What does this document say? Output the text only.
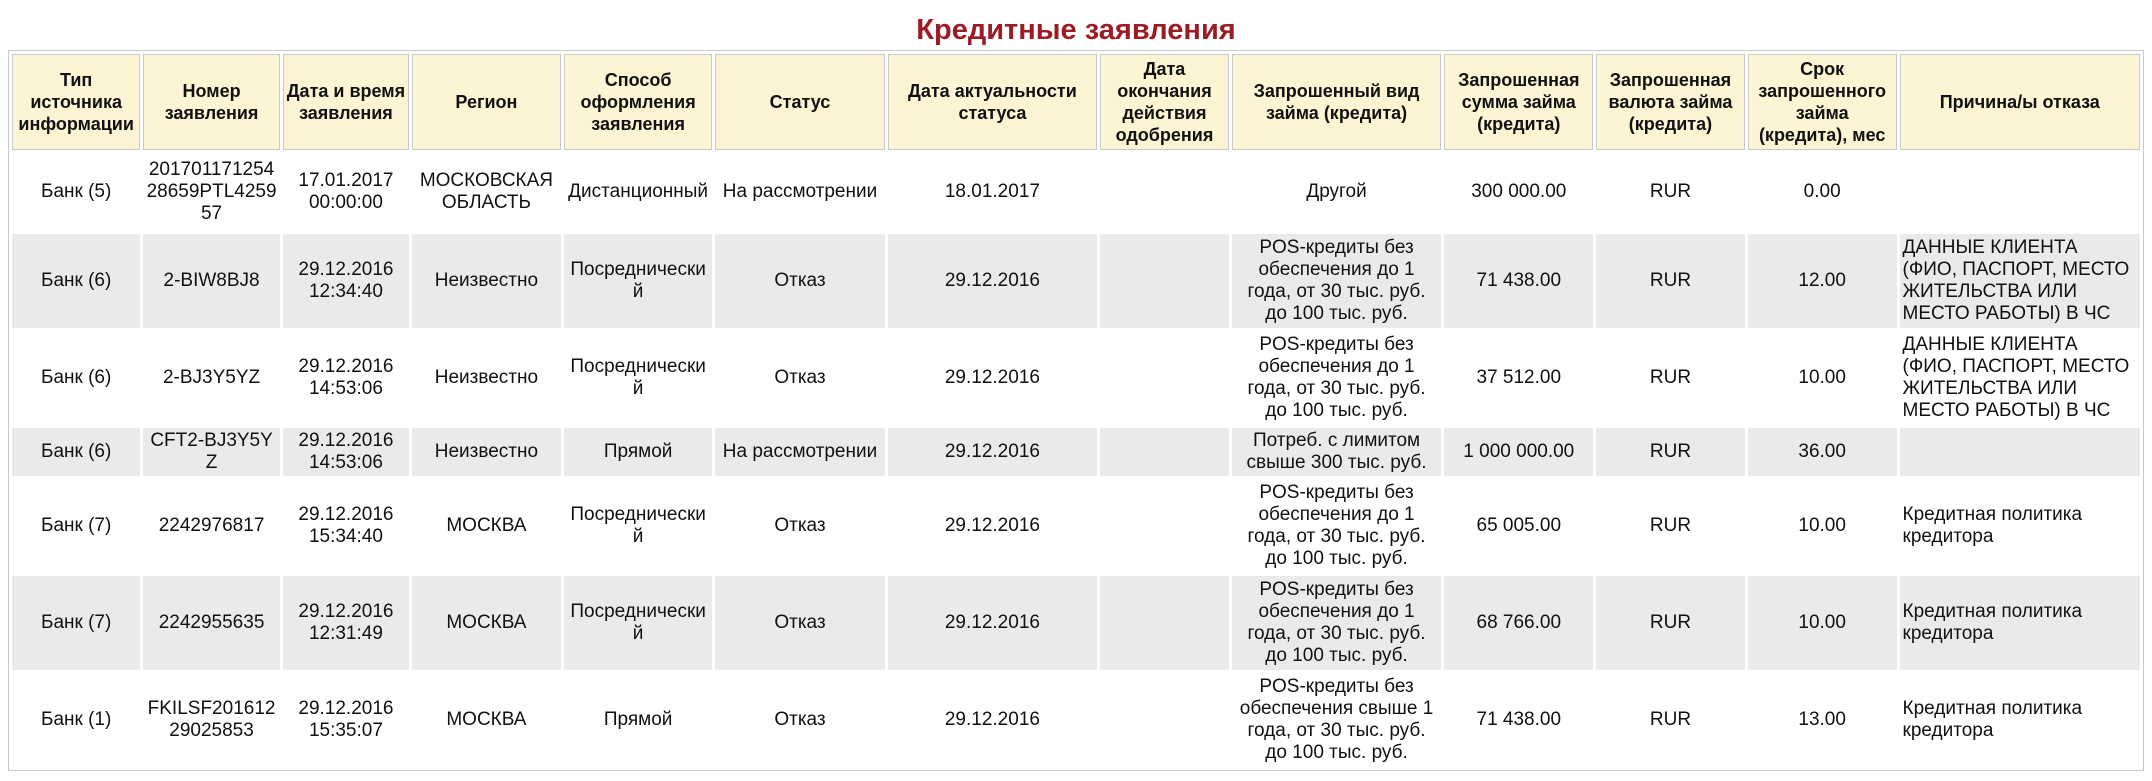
Кредитные заявления
Тип источника информации	Номер заявления	Дата и время заявления	Регион	Способ оформления заявления	Статус	Дата актуальности статуса	Дата окончания действия одобрения	Запрошенный вид займа (кредита)	Запрошенная сумма займа (кредита)	Запрошенная валюта займа (кредита)	Срок запрошенного займа (кредита), мес	Причина/ы отказа
Банк (5)	20170117125428659PTL425957	17.01.2017 00:00:00	МОСКОВСКАЯ ОБЛАСТЬ	Дистанционный	На рассмотрении	18.01.2017		Другой	300 000.00	RUR	0.00	
Банк (6)	2-BIW8BJ8	29.12.2016 12:34:40	Неизвестно	Посреднический	Отказ	29.12.2016		POS-кредиты без обеспечения до 1 года, от 30 тыс. руб. до 100 тыс. руб.	71 438.00	RUR	12.00	ДАННЫЕ КЛИЕНТА (ФИО, ПАСПОРТ, МЕСТО ЖИТЕЛЬСТВА ИЛИ МЕСТО РАБОТЫ) В ЧС
Банк (6)	2-BJ3Y5YZ	29.12.2016 14:53:06	Неизвестно	Посреднический	Отказ	29.12.2016		POS-кредиты без обеспечения до 1 года, от 30 тыс. руб. до 100 тыс. руб.	37 512.00	RUR	10.00	ДАННЫЕ КЛИЕНТА (ФИО, ПАСПОРТ, МЕСТО ЖИТЕЛЬСТВА ИЛИ МЕСТО РАБОТЫ) В ЧС
Банк (6)	CFT2-BJ3Y5YZ	29.12.2016 14:53:06	Неизвестно	Прямой	На рассмотрении	29.12.2016		Потреб. с лимитом свыше 300 тыс. руб.	1 000 000.00	RUR	36.00	
Банк (7)	2242976817	29.12.2016 15:34:40	МОСКВА	Посреднический	Отказ	29.12.2016		POS-кредиты без обеспечения до 1 года, от 30 тыс. руб. до 100 тыс. руб.	65 005.00	RUR	10.00	Кредитная политика кредитора
Банк (7)	2242955635	29.12.2016 12:31:49	МОСКВА	Посреднический	Отказ	29.12.2016		POS-кредиты без обеспечения до 1 года, от 30 тыс. руб. до 100 тыс. руб.	68 766.00	RUR	10.00	Кредитная политика кредитора
Банк (1)	FKILSF20161229025853	29.12.2016 15:35:07	МОСКВА	Прямой	Отказ	29.12.2016		POS-кредиты без обеспечения свыше 1 года, от 30 тыс. руб. до 100 тыс. руб.	71 438.00	RUR	13.00	Кредитная политика кредитора
